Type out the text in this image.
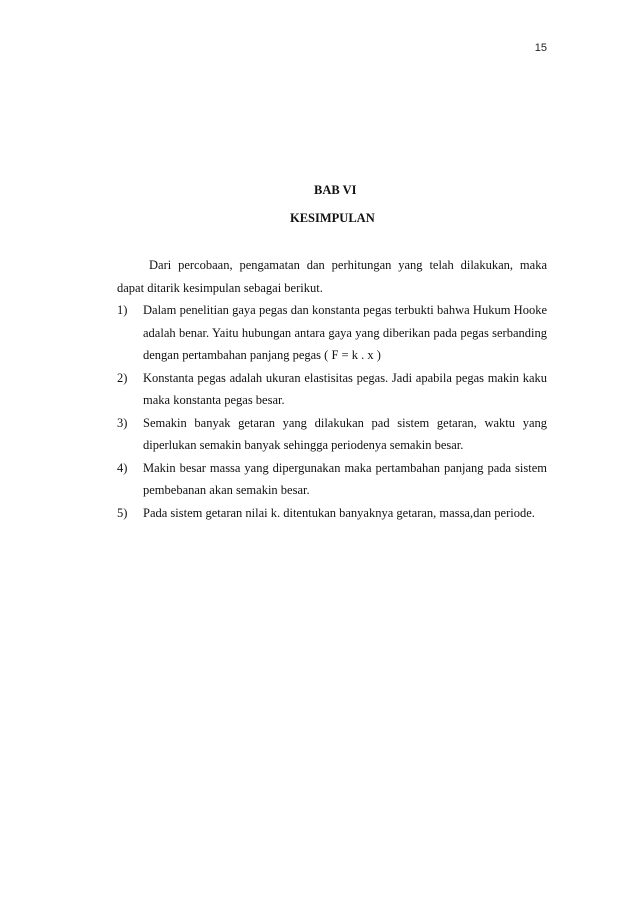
15
BAB VI
KESIMPULAN

Dari percobaan, pengamatan dan perhitungan yang telah dilakukan, maka dapat ditarik kesimpulan sebagai berikut.

1) Dalam penelitian gaya pegas dan konstanta pegas terbukti bahwa Hukum Hooke adalah benar. Yaitu hubungan antara gaya yang diberikan pada pegas serbanding dengan pertambahan panjang pegas ( F = k . x )
2) Konstanta pegas adalah ukuran elastisitas pegas. Jadi apabila pegas makin kaku maka konstanta pegas besar.
3) Semakin banyak getaran yang dilakukan pad sistem getaran, waktu yang diperlukan semakin banyak sehingga periodenya semakin besar.
4) Makin besar massa yang dipergunakan maka pertambahan panjang pada sistem pembebanan akan semakin besar.
5) Pada sistem getaran nilai k. ditentukan banyaknya getaran, massa,dan periode.
